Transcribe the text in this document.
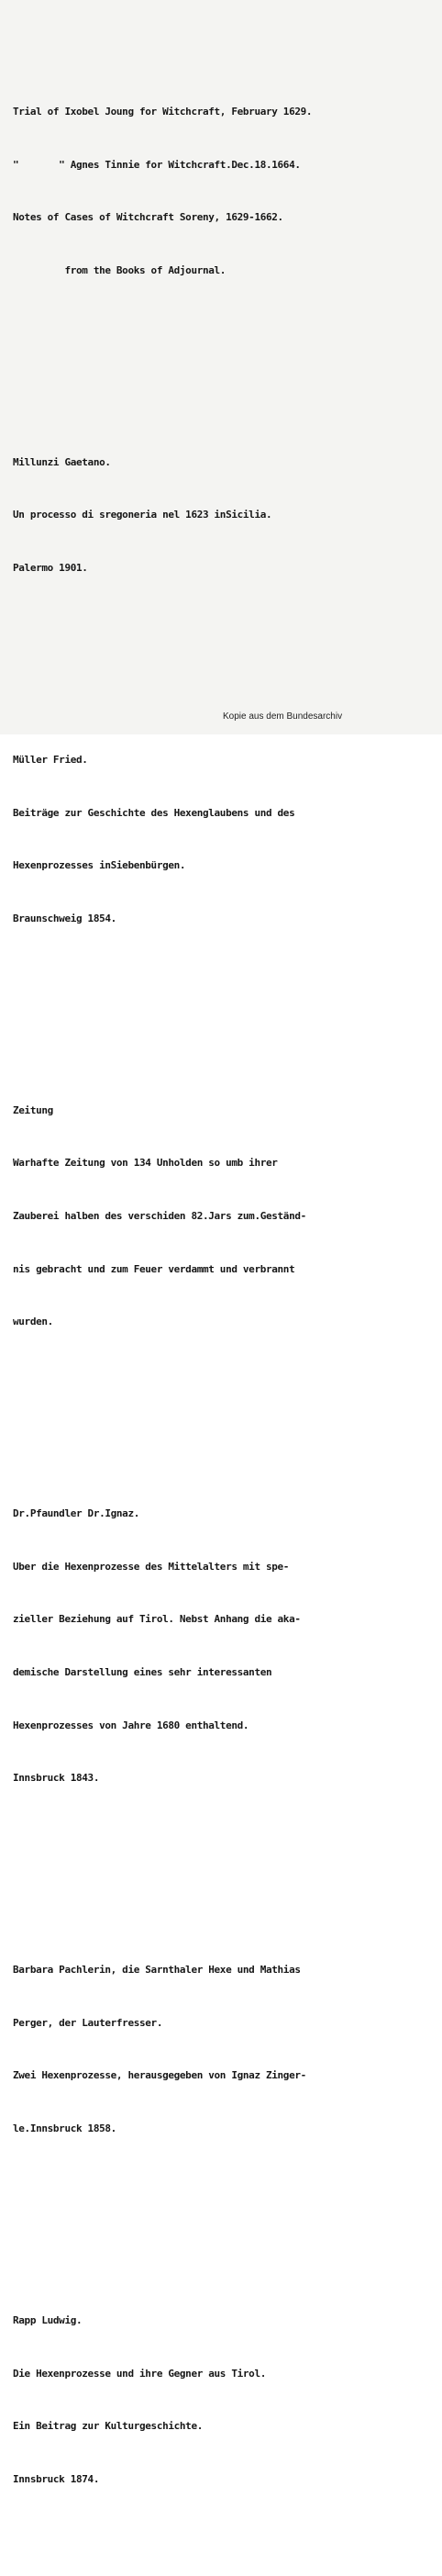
Trial of Ixobel Joung for Witchcraft, February 1629.

"       " Agnes Tinnie for Witchcraft.Dec.18.1664.

Notes of Cases of Witchcraft Soreny, 1629-1662.

from the Books of Adjournal.

Millunzi Gaetano.

Un processo di sregoneria nel 1623 inSicilia.

Palermo 1901.

Müller Fried.

Beiträge zur Geschichte des Hexenglaubens und des

Hexenprozesses inSiebenbürgen.

Braunschweig 1854.

Zeitung

Warhafte Zeitung von 134 Unholden so umb ihrer

Zauberei halben des verschiden 82.Jars zum.Geständ-

nis gebracht und zum Feuer verdammt und verbrannt

wurden.

Dr.Pfaundler Dr.Ignaz.

Uber die Hexenprozesse des Mittelalters mit spe-

zieller Beziehung auf Tirol. Nebst Anhang die aka-

demische Darstellung eines sehr interessanten

Hexenprozesses von Jahre 1680 enthaltend.

Innsbruck 1843.

Barbara Pachlerin, die Sarnthaler Hexe und Mathias

Perger, der Lauterfresser.

Zwei Hexenprozesse, herausgegeben von Ignaz Zinger-

le.Innsbruck 1858.

Rapp Ludwig.

Die Hexenprozesse und ihre Gegner aus Tirol.

Ein Beitrag zur Kulturgeschichte.

Innsbruck 1874.

Kopie aus dem Bundesarchiv
